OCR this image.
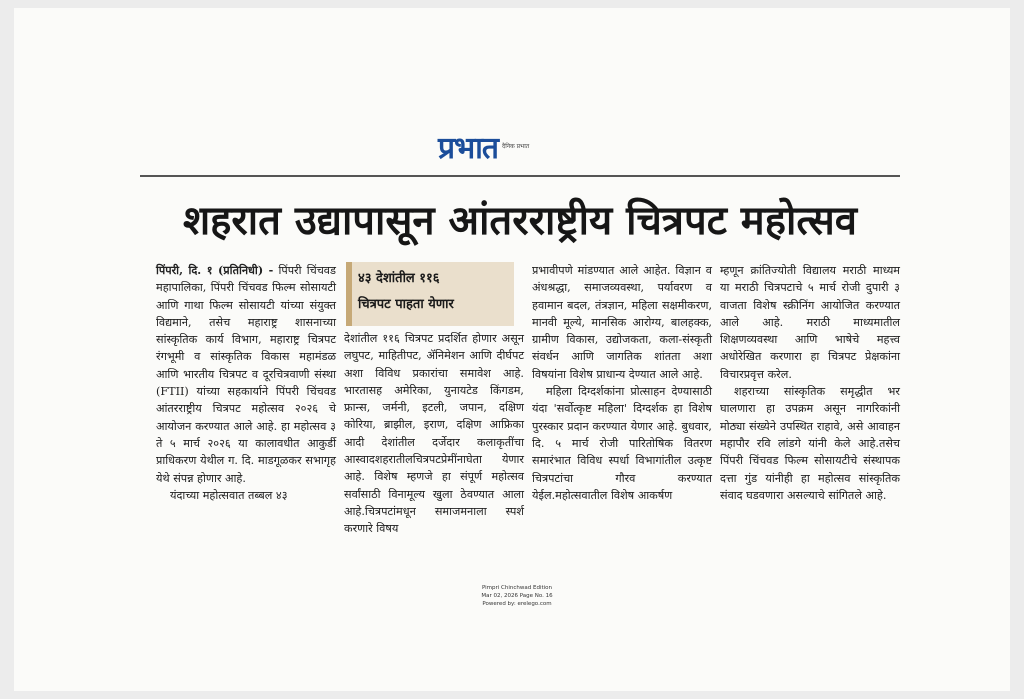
प्रभात दैनिक प्रभात
शहरात उद्यापासून आंतरराष्ट्रीय चित्रपट महोत्सव

पिंपरी, दि. १ (प्रतिनिधी) - पिंपरी चिंचवड महापालिका, पिंपरी चिंचवड फिल्म सोसायटी आणि गाथा फिल्म सोसायटी यांच्या संयुक्त विद्यमाने, तसेच महाराष्ट्र शासनाच्या सांस्कृतिक कार्य विभाग, महाराष्ट्र चित्रपट रंगभूमी व सांस्कृतिक विकास महामंडळ आणि भारतीय चित्रपट व दूरचित्रवाणी संस्था (FTII) यांच्या सहकार्याने पिंपरी चिंचवड आंतरराष्ट्रीय चित्रपट महोत्सव २०२६ चे आयोजन करण्यात आले आहे. हा महोत्सव ३ ते ५ मार्च २०२६ या कालावधीत आकुर्डी प्राधिकरण येथील ग. दि. माडगूळकर सभागृह येथे संपन्न होणार आहे.

यंदाच्या महोत्सवात तब्बल ४३

४३ देशांतील ११६
चित्रपट पाहता येणार

देशांतील ११६ चित्रपट प्रदर्शित होणार असून लघुपट, माहितीपट, ॲनिमेशन आणि दीर्घपट अशा विविध प्रकारांचा समावेश आहे. भारतासह अमेरिका, युनायटेड किंगडम, फ्रान्स, जर्मनी, इटली, जपान, दक्षिण कोरिया, ब्राझील, इराण, दक्षिण आफ्रिका आदी देशांतील दर्जेदार कलाकृतींचा आस्वादशहरातीलचित्रपटप्रेमींनाघेता येणार आहे. विशेष म्हणजे हा संपूर्ण महोत्सव सर्वांसाठी विनामूल्य खुला ठेवण्यात आला आहे.चित्रपटांमधून समाजमनाला स्पर्श करणारे विषय

प्रभावीपणे मांडण्यात आले आहेत. विज्ञान व अंधश्रद्धा, समाजव्यवस्था, पर्यावरण व हवामान बदल, तंत्रज्ञान, महिला सक्षमीकरण, मानवी मूल्ये, मानसिक आरोग्य, बालहक्क, ग्रामीण विकास, उद्योजकता, कला-संस्कृती संवर्धन आणि जागतिक शांतता अशा विषयांना विशेष प्राधान्य देण्यात आले आहे.

महिला दिग्दर्शकांना प्रोत्साहन देण्यासाठी यंदा 'सर्वोत्कृष्ट महिला' दिग्दर्शक हा विशेष पुरस्कार प्रदान करण्यात येणार आहे. बुधवार, दि. ५ मार्च रोजी पारितोषिक वितरण समारंभात विविध स्पर्धा विभागांतील उत्कृष्ट चित्रपटांचा गौरव करण्यात येईल.महोत्सवातील विशेष आकर्षण

म्हणून क्रांतिज्योती विद्यालय मराठी माध्यम या मराठी चित्रपटाचे ५ मार्च रोजी दुपारी ३ वाजता विशेष स्क्रीनिंग आयोजित करण्यात आले आहे. मराठी माध्यमातील शिक्षणव्यवस्था आणि भाषेचे महत्त्व अधोरेखित करणारा हा चित्रपट प्रेक्षकांना विचारप्रवृत्त करेल.

शहराच्या सांस्कृतिक समृद्धीत भर घालणारा हा उपक्रम असून नागरिकांनी मोठ्या संख्येने उपस्थित राहावे, असे आवाहन महापौर रवि लांडगे यांनी केले आहे.तसेच पिंपरी चिंचवड फिल्म सोसायटीचे संस्थापक दत्ता गुंड यांनीही हा महोत्सव सांस्कृतिक संवाद घडवणारा असल्याचे सांगितले आहे.

Pimpri Chinchwad Edition
Mar 02, 2026 Page No. 16
Powered by: erelego.com
